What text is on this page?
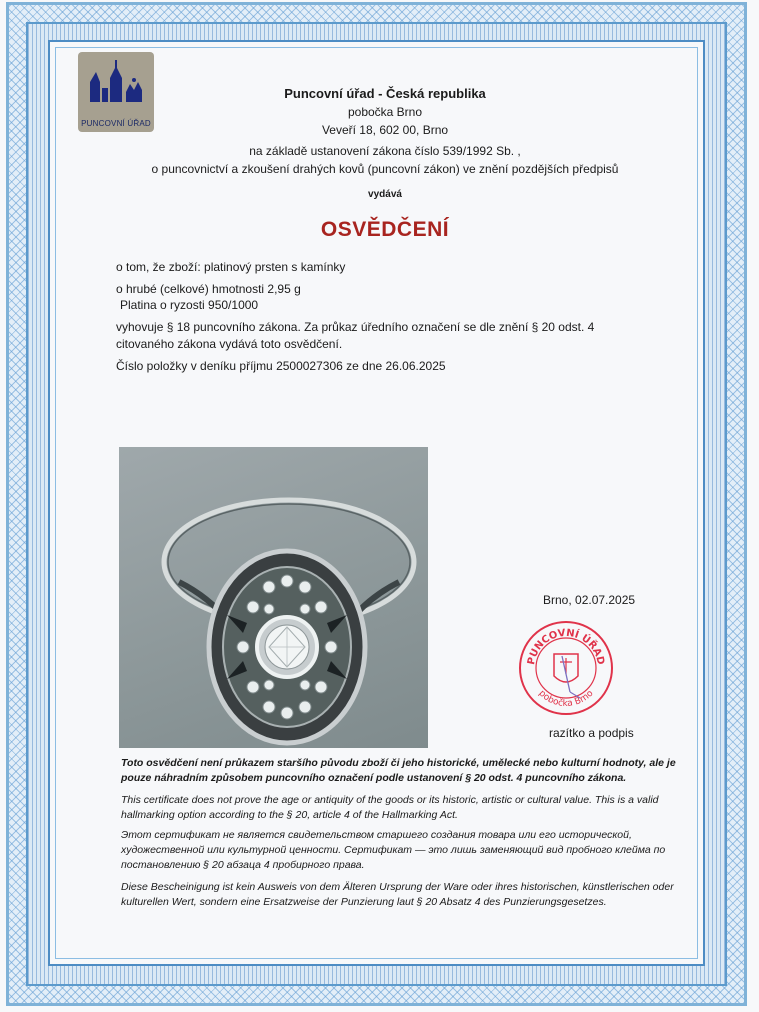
PUNCOVNÍ ÚŘAD
Puncovní úřad - Česká republika
pobočka Brno
Veveří 18, 602 00, Brno
na základě ustanovení zákona číslo 539/1992 Sb. ,
o puncovnictví a zkoušení drahých kovů (puncovní zákon) ve znění pozdějších předpisů
vydává
OSVĚDČENÍ
o tom, že zboží: platinový prsten s kamínky
o hrubé (celkové) hmotnosti 2,95 g
Platina o ryzosti 950/1000
vyhovuje § 18 puncovního zákona. Za průkaz úředního označení se dle znění § 20 odst. 4
citovaného zákona vydává toto osvědčení.
Číslo položky v deníku příjmu 2500027306 ze dne 26.06.2025
Brno, 02.07.2025
PUNCOVNÍ ÚŘAD
pobočka Brno
razítko a podpis
Toto osvědčení není průkazem staršího původu zboží či jeho historické, umělecké nebo kulturní hodnoty, ale je pouze náhradním způsobem puncovního označení podle ustanovení § 20 odst. 4 puncovního zákona.
This certificate does not prove the age or antiquity of the goods or its historic, artistic or cultural value. This is a valid hallmarking option according to the § 20, article 4 of the Hallmarking Act.
Этот сертификат не является свидетельством старшего создания товара или его исторической, художественной или культурной ценности. Сертификат — это лишь заменяющий вид пробного клейма по постановлению § 20 абзаца 4 пробирного права.
Diese Bescheinigung ist kein Ausweis von dem Älteren Ursprung der Ware oder ihres historischen, künstlerischen oder kulturellen Wert, sondern eine Ersatzweise der Punzierung laut § 20 Absatz 4 des Punzierungsgesetzes.
